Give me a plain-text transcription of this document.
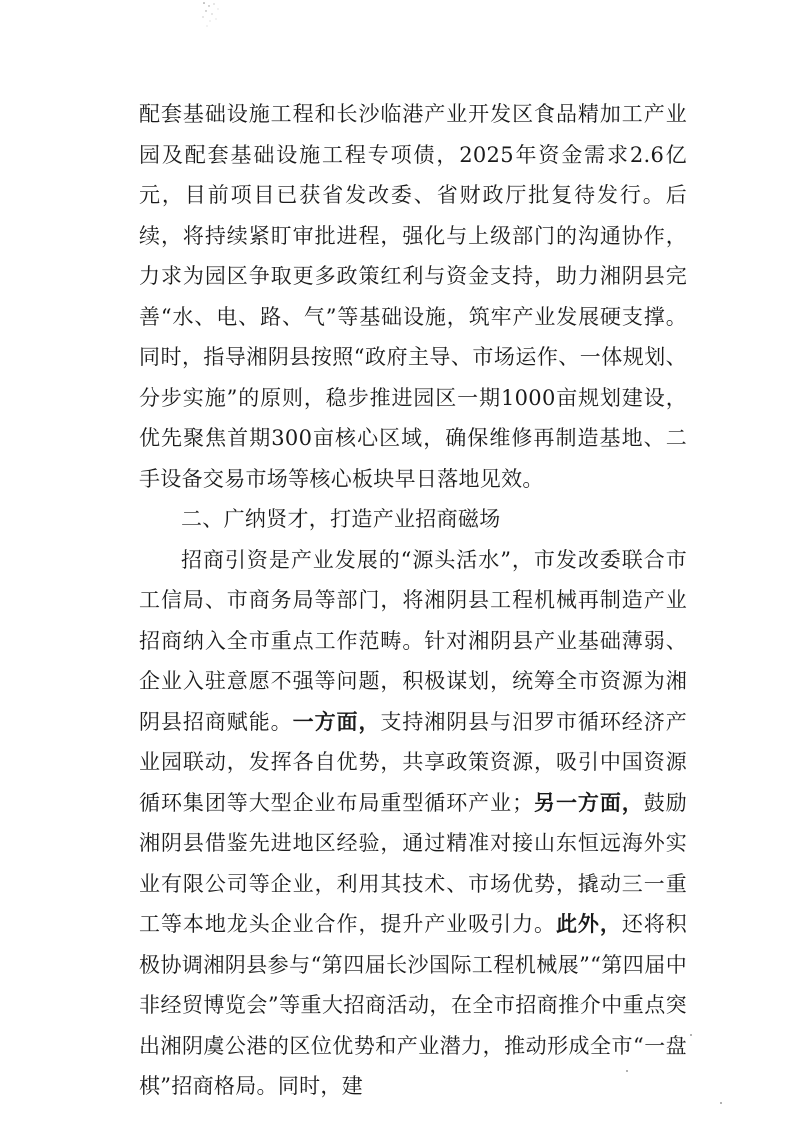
配套基础设施工程和长沙临港产业开发区食品精加工产业园及配套基础设施工程专项债，2025年资金需求2.6亿元，目前项目已获省发改委、省财政厅批复待发行。后续，将持续紧盯审批进程，强化与上级部门的沟通协作，力求为园区争取更多政策红利与资金支持，助力湘阴县完善“水、电、路、气”等基础设施，筑牢产业发展硬支撑。同时，指导湘阴县按照“政府主导、市场运作、一体规划、分步实施”的原则，稳步推进园区一期1000亩规划建设，优先聚焦首期300亩核心区域，确保维修再制造基地、二手设备交易市场等核心板块早日落地见效。

二、广纳贤才，打造产业招商磁场

招商引资是产业发展的“源头活水”，市发改委联合市工信局、市商务局等部门，将湘阴县工程机械再制造产业招商纳入全市重点工作范畴。针对湘阴县产业基础薄弱、企业入驻意愿不强等问题，积极谋划，统筹全市资源为湘阴县招商赋能。一方面，支持湘阴县与汨罗市循环经济产业园联动，发挥各自优势，共享政策资源，吸引中国资源循环集团等大型企业布局重型循环产业；另一方面，鼓励湘阴县借鉴先进地区经验，通过精准对接山东恒远海外实业有限公司等企业，利用其技术、市场优势，撬动三一重工等本地龙头企业合作，提升产业吸引力。此外，还将积极协调湘阴县参与“第四届长沙国际工程机械展”“第四届中非经贸博览会”等重大招商活动，在全市招商推介中重点突出湘阴虞公港的区位优势和产业潜力，推动形成全市“一盘棋”招商格局。同时，建
